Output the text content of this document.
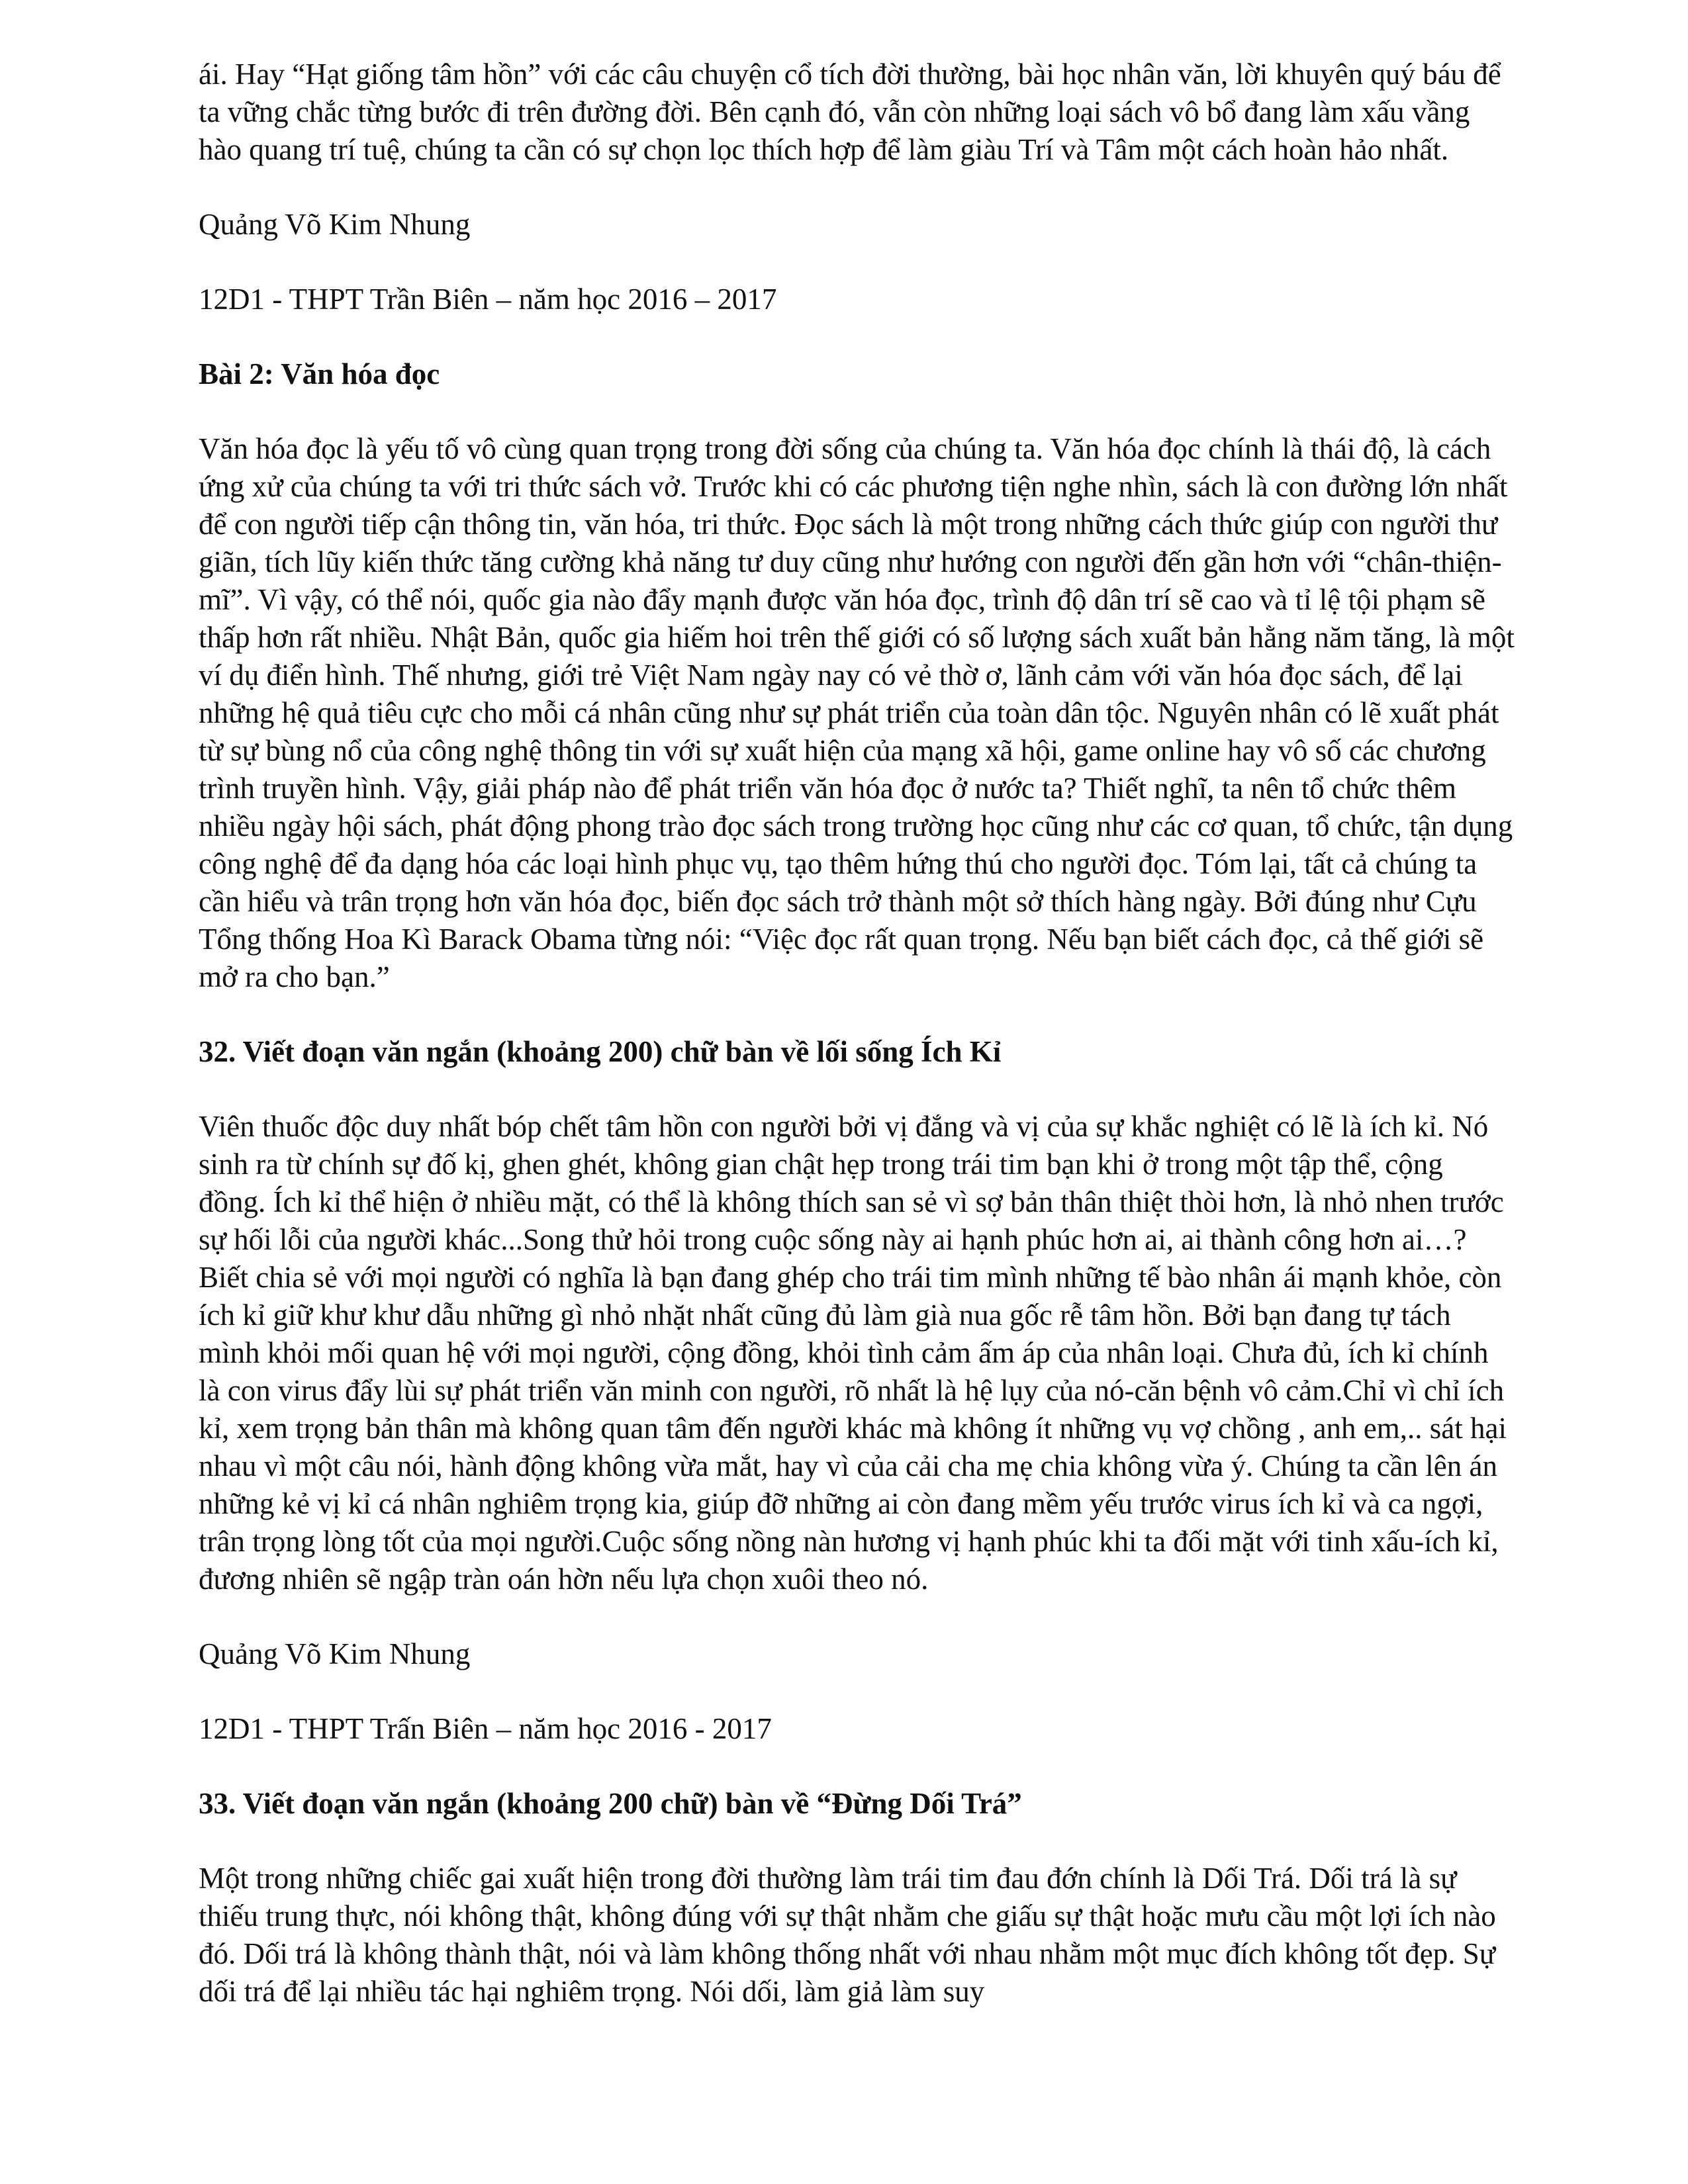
ái. Hay “Hạt giống tâm hồn” với các câu chuyện cổ tích đời thường, bài học nhân văn, lời khuyên quý báu để ta vững chắc từng bước đi trên đường đời. Bên cạnh đó, vẫn còn những loại sách vô bổ đang làm xấu vầng hào quang trí tuệ, chúng ta cần có sự chọn lọc thích hợp để làm giàu Trí và Tâm một cách hoàn hảo nhất.

Quảng Võ Kim Nhung

12D1 - THPT Trần Biên – năm học 2016 – 2017

Bài 2: Văn hóa đọc

Văn hóa đọc là yếu tố vô cùng quan trọng trong đời sống của chúng ta. Văn hóa đọc chính là thái độ, là cách ứng xử của chúng ta với tri thức sách vở. Trước khi có các phương tiện nghe nhìn, sách là con đường lớn nhất để con người tiếp cận thông tin, văn hóa, tri thức. Đọc sách là một trong những cách thức giúp con người thư giãn, tích lũy kiến thức tăng cường khả năng tư duy cũng như hướng con người đến gần hơn với “chân-thiện-mĩ”. Vì vậy, có thể nói, quốc gia nào đẩy mạnh được văn hóa đọc, trình độ dân trí sẽ cao và tỉ lệ tội phạm sẽ thấp hơn rất nhiều. Nhật Bản, quốc gia hiếm hoi trên thế giới có số lượng sách xuất bản hằng năm tăng, là một ví dụ điển hình. Thế nhưng, giới trẻ Việt Nam ngày nay có vẻ thờ ơ, lãnh cảm với văn hóa đọc sách, để lại những hệ quả tiêu cực cho mỗi cá nhân cũng như sự phát triển của toàn dân tộc. Nguyên nhân có lẽ xuất phát từ sự bùng nổ của công nghệ thông tin với sự xuất hiện của mạng xã hội, game online hay vô số các chương trình truyền hình. Vậy, giải pháp nào để phát triển văn hóa đọc ở nước ta? Thiết nghĩ, ta nên tổ chức thêm nhiều ngày hội sách, phát động phong trào đọc sách trong trường học cũng như các cơ quan, tổ chức, tận dụng công nghệ để đa dạng hóa các loại hình phục vụ, tạo thêm hứng thú cho người đọc. Tóm lại, tất cả chúng ta cần hiểu và trân trọng hơn văn hóa đọc, biến đọc sách trở thành một sở thích hàng ngày. Bởi đúng như Cựu Tổng thống Hoa Kì Barack Obama từng nói: “Việc đọc rất quan trọng. Nếu bạn biết cách đọc, cả thế giới sẽ mở ra cho bạn.”

32. Viết đoạn văn ngắn (khoảng 200) chữ bàn về lối sống Ích Kỉ

Viên thuốc độc duy nhất bóp chết tâm hồn con người bởi vị đắng và vị của sự khắc nghiệt có lẽ là ích kỉ. Nó sinh ra từ chính sự đố kị, ghen ghét, không gian chật hẹp trong trái tim bạn khi ở trong một tập thể, cộng đồng. Ích kỉ thể hiện ở nhiều mặt, có thể là không thích san sẻ vì sợ bản thân thiệt thòi hơn, là nhỏ nhen trước sự hối lỗi của người khác...Song thử hỏi trong cuộc sống này ai hạnh phúc hơn ai, ai thành công hơn ai…? Biết chia sẻ với mọi người có nghĩa là bạn đang ghép cho trái tim mình những tế bào nhân ái mạnh khỏe, còn ích kỉ giữ khư khư dẫu những gì nhỏ nhặt nhất cũng đủ làm già nua gốc rễ tâm hồn. Bởi bạn đang tự tách mình khỏi mối quan hệ với mọi người, cộng đồng, khỏi tình cảm ấm áp của nhân loại. Chưa đủ, ích kỉ chính là con virus đẩy lùi sự phát triển văn minh con người, rõ nhất là hệ lụy của nó-căn bệnh vô cảm.Chỉ vì chỉ ích kỉ, xem trọng bản thân mà không quan tâm đến người khác mà không ít những vụ vợ chồng , anh em,.. sát hại nhau vì một câu nói, hành động không vừa mắt, hay vì của cải cha mẹ chia không vừa ý. Chúng ta cần lên án những kẻ vị kỉ cá nhân nghiêm trọng kia, giúp đỡ những ai còn đang mềm yếu trước virus ích kỉ và ca ngợi, trân trọng lòng tốt của mọi người.Cuộc sống nồng nàn hương vị hạnh phúc khi ta đối mặt với tinh xấu-ích kỉ, đương nhiên sẽ ngập tràn oán hờn nếu lựa chọn xuôi theo nó.

Quảng Võ Kim Nhung

12D1 - THPT Trấn Biên – năm học 2016 - 2017

33. Viết đoạn văn ngắn (khoảng 200 chữ) bàn về “Đừng Dối Trá”

Một trong những chiếc gai xuất hiện trong đời thường làm trái tim đau đớn chính là Dối Trá. Dối trá là sự thiếu trung thực, nói không thật, không đúng với sự thật nhằm che giấu sự thật hoặc mưu cầu một lợi ích nào đó. Dối trá là không thành thật, nói và làm không thống nhất với nhau nhằm một mục đích không tốt đẹp. Sự dối trá để lại nhiều tác hại nghiêm trọng. Nói dối, làm giả làm suy
